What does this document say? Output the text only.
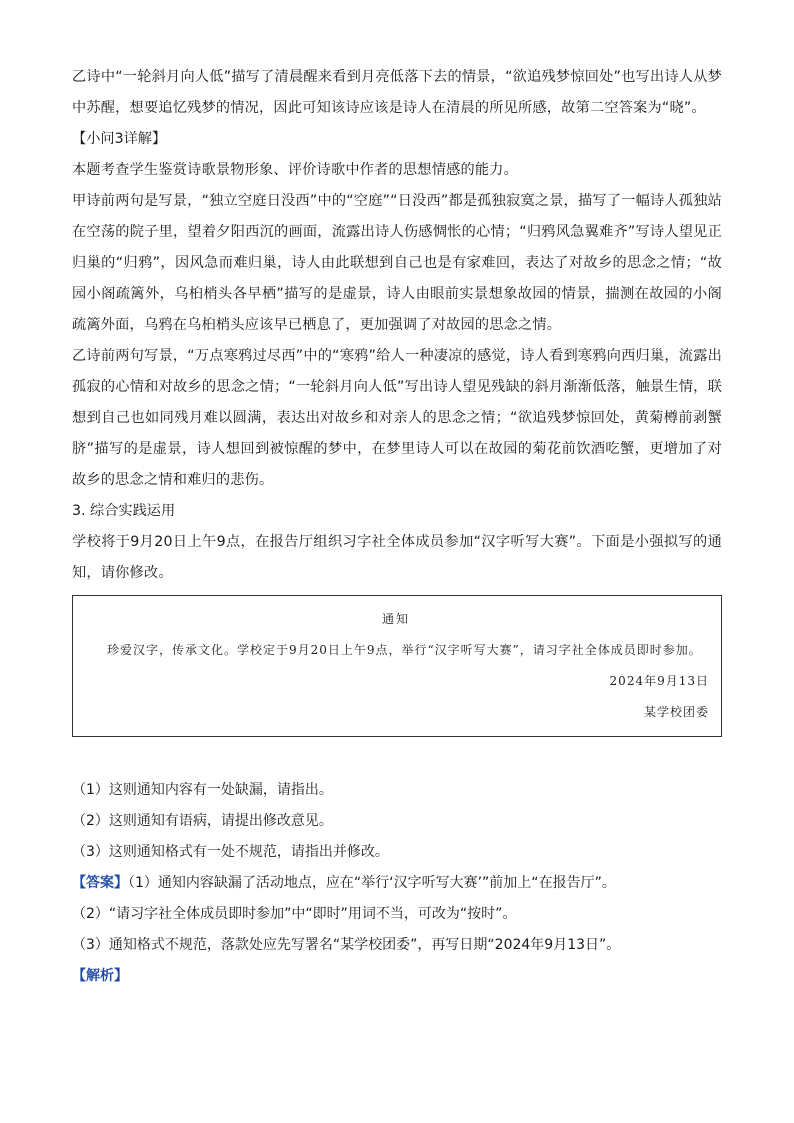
乙诗中“一轮斜月向人低”描写了清晨醒来看到月亮低落下去的情景，“欲追残梦惊回处”也写出诗人从梦中苏醒，想要追忆残梦的情况，因此可知该诗应该是诗人在清晨的所见所感，故第二空答案为“晓”。

【小问3详解】

本题考查学生鉴赏诗歌景物形象、评价诗歌中作者的思想情感的能力。

甲诗前两句是写景，“独立空庭日没西”中的“空庭”“日没西”都是孤独寂寞之景，描写了一幅诗人孤独站在空荡的院子里，望着夕阳西沉的画面，流露出诗人伤感惆怅的心情；“归鸦风急翼难齐”写诗人望见正归巢的“归鸦”，因风急而难归巢，诗人由此联想到自己也是有家难回，表达了对故乡的思念之情；“故园小阁疏篱外，乌桕梢头各早栖”描写的是虚景，诗人由眼前实景想象故园的情景，揣测在故园的小阁疏篱外面，乌鸦在乌桕梢头应该早已栖息了，更加强调了对故园的思念之情。

乙诗前两句写景，“万点寒鸦过尽西”中的“寒鸦”给人一种凄凉的感觉，诗人看到寒鸦向西归巢，流露出孤寂的心情和对故乡的思念之情；“一轮斜月向人低”写出诗人望见残缺的斜月渐渐低落，触景生情，联想到自己也如同残月难以圆满，表达出对故乡和对亲人的思念之情；“欲追残梦惊回处，黄菊樽前剥蟹脐”描写的是虚景，诗人想回到被惊醒的梦中，在梦里诗人可以在故园的菊花前饮酒吃蟹，更增加了对故乡的思念之情和难归的悲伤。

3. 综合实践运用

学校将于9月20日上午9点，在报告厅组织习字社全体成员参加“汉字听写大赛”。下面是小强拟写的通知，请你修改。

通知

珍爱汉字，传承文化。学校定于9月20日上午9点，举行“汉字听写大赛”，请习字社全体成员即时参加。

2024年9月13日

某学校团委

（1）这则通知内容有一处缺漏，请指出。

（2）这则通知有语病，请提出修改意见。

（3）这则通知格式有一处不规范，请指出并修改。

【答案】（1）通知内容缺漏了活动地点，应在“举行‘汉字听写大赛’”前加上“在报告厅”。

（2）“请习字社全体成员即时参加”中“即时”用词不当，可改为“按时”。

（3）通知格式不规范，落款处应先写署名“某学校团委”，再写日期“2024年9月13日”。

【解析】
